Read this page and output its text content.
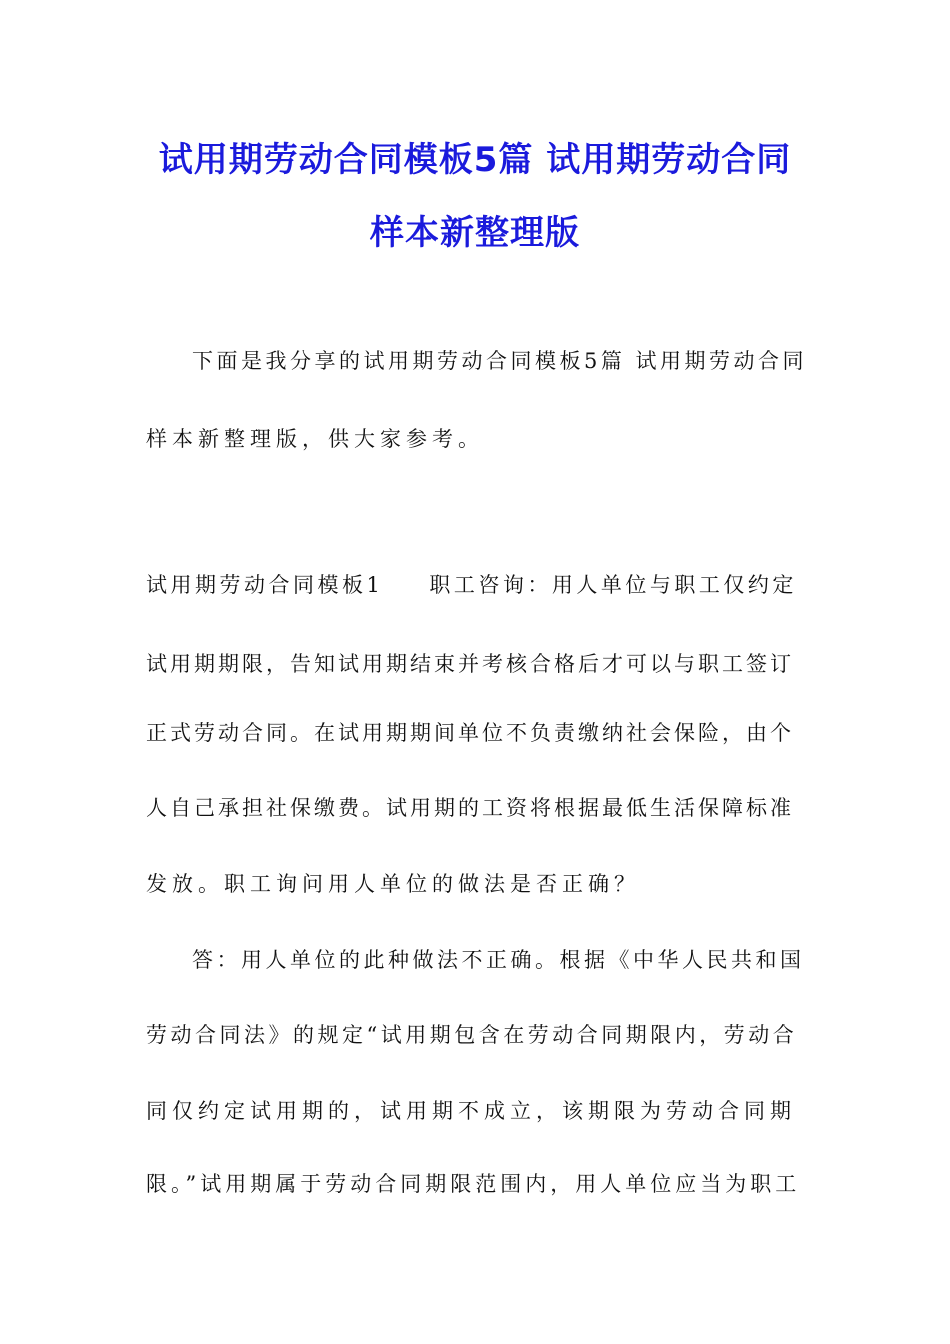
试用期劳动合同模板5篇 试用期劳动合同
样本新整理版
下面是我分享的试用期劳动合同模板5篇 试用期劳动合同
样本新整理版，供大家参考。
试用期劳动合同模板1 职工咨询：用人单位与职工仅约定
试用期期限，告知试用期结束并考核合格后才可以与职工签订
正式劳动合同。在试用期期间单位不负责缴纳社会保险，由个
人自己承担社保缴费。试用期的工资将根据最低生活保障标准
发放。职工询问用人单位的做法是否正确？
答：用人单位的此种做法不正确。根据《中华人民共和国
劳动合同法》的规定“试用期包含在劳动合同期限内，劳动合
同仅约定试用期的，试用期不成立，该期限为劳动合同期
限。”试用期属于劳动合同期限范围内，用人单位应当为职工
